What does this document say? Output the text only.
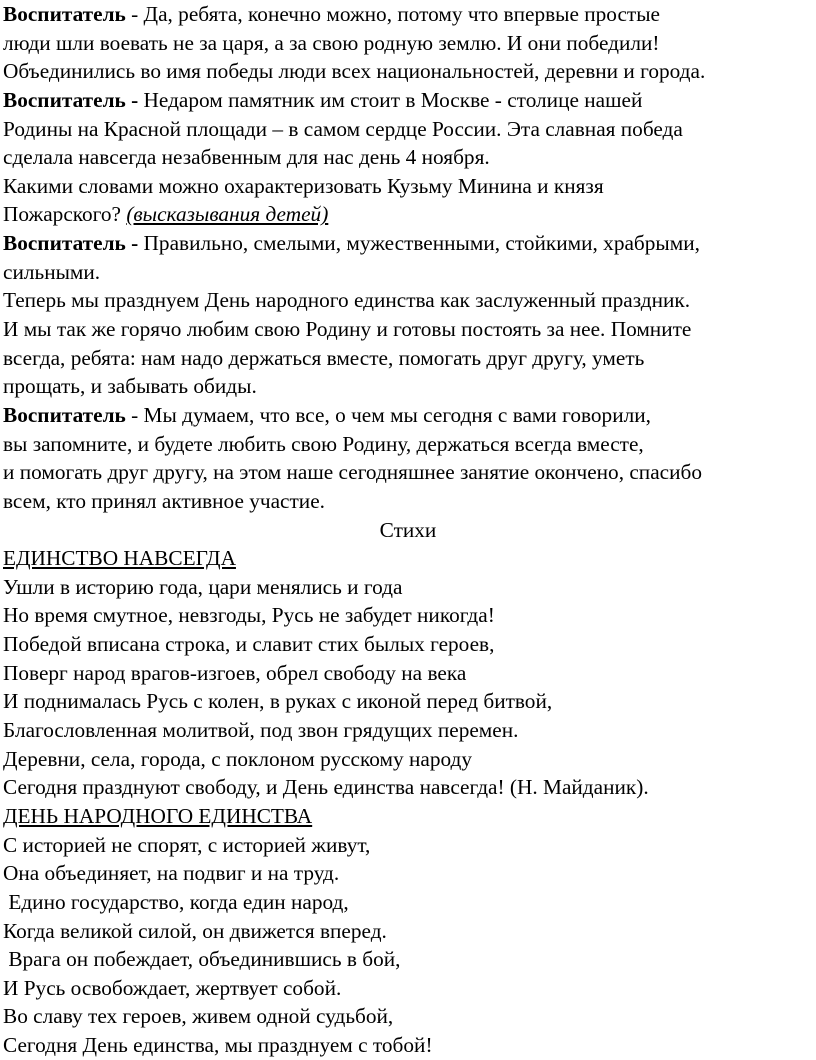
Воспитатель - Да, ребята, конечно можно, потому что впервые простые
люди шли воевать не за царя, а за свою родную землю. И они победили!
Объединились во имя победы люди всех национальностей, деревни и города.
Воспитатель - Недаром памятник им стоит в Москве - столице нашей
Родины на Красной площади – в самом сердце России. Эта славная победа
сделала навсегда незабвенным для нас день 4 ноября.
Какими словами можно охарактеризовать Кузьму Минина и князя
Пожарского? (высказывания детей)
Воспитатель - Правильно, смелыми, мужественными, стойкими, храбрыми,
сильными.
Теперь мы празднуем День народного единства как заслуженный праздник.
И мы так же горячо любим свою Родину и готовы постоять за нее. Помните
всегда, ребята: нам надо держаться вместе, помогать друг другу, уметь
прощать, и забывать обиды.
Воспитатель - Мы думаем, что все, о чем мы сегодня с вами говорили,
вы запомните, и будете любить свою Родину, держаться всегда вместе,
и помогать друг другу, на этом наше сегодняшнее занятие окончено, спасибо
всем, кто принял активное участие.
Стихи
ЕДИНСТВО НАВСЕГДА
Ушли в историю года, цари менялись и года
Но время смутное, невзгоды, Русь не забудет никогда!
Победой вписана строка, и славит стих былых героев,
Поверг народ врагов-изгоев, обрел свободу на века
И поднималась Русь с колен, в руках с иконой перед битвой,
Благословленная молитвой, под звон грядущих перемен.
Деревни, села, города, с поклоном русскому народу
Сегодня празднуют свободу, и День единства навсегда! (Н. Майданик).
ДЕНЬ НАРОДНОГО ЕДИНСТВА
С историей не спорят, с историей живут,
Она объединяет, на подвиг и на труд.
Едино государство, когда един народ,
Когда великой силой, он движется вперед.
Врага он побеждает, объединившись в бой,
И Русь освобождает, жертвует собой.
Во славу тех героев, живем одной судьбой,
Сегодня День единства, мы празднуем с тобой!
